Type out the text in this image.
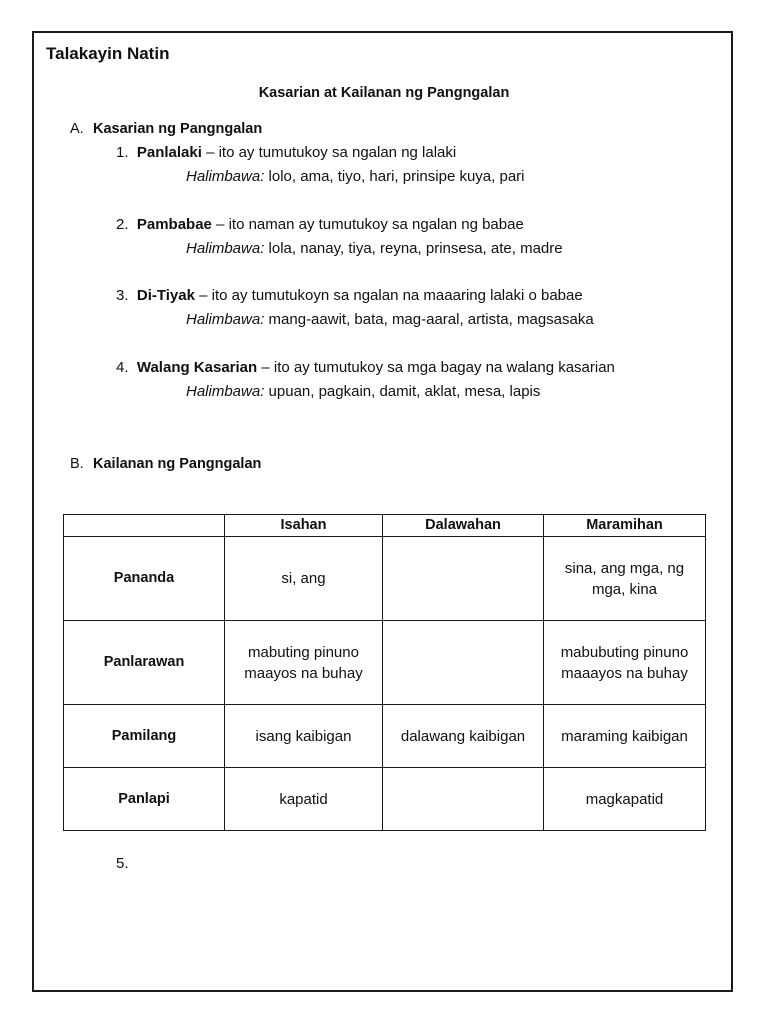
Talakayin Natin
Kasarian at Kailanan ng Pangngalan
A. Kasarian ng Pangngalan
1. Panlalaki – ito ay tumutukoy sa ngalan ng lalaki
Halimbawa: lolo, ama, tiyo, hari, prinsipe kuya, pari
2. Pambabae – ito naman ay tumutukoy sa ngalan ng babae
Halimbawa: lola, nanay, tiya, reyna, prinsesa, ate, madre
3. Di-Tiyak – ito ay tumutukoyn sa ngalan na maaaring lalaki o babae
Halimbawa: mang-aawit, bata, mag-aaral, artista, magsasaka
4. Walang Kasarian – ito ay tumutukoy sa mga bagay na walang kasarian
Halimbawa: upuan, pagkain, damit, aklat, mesa, lapis
B. Kailanan ng Pangngalan
	Isahan	Dalawahan	Maramihan
Pananda	si, ang		sina, ang mga, ng mga, kina
Panlarawan	mabuting pinuno maayos na buhay		mabubuting pinuno maaayos na buhay
Pamilang	isang kaibigan	dalawang kaibigan	maraming kaibigan
Panlapi	kapatid		magkapatid
5.
